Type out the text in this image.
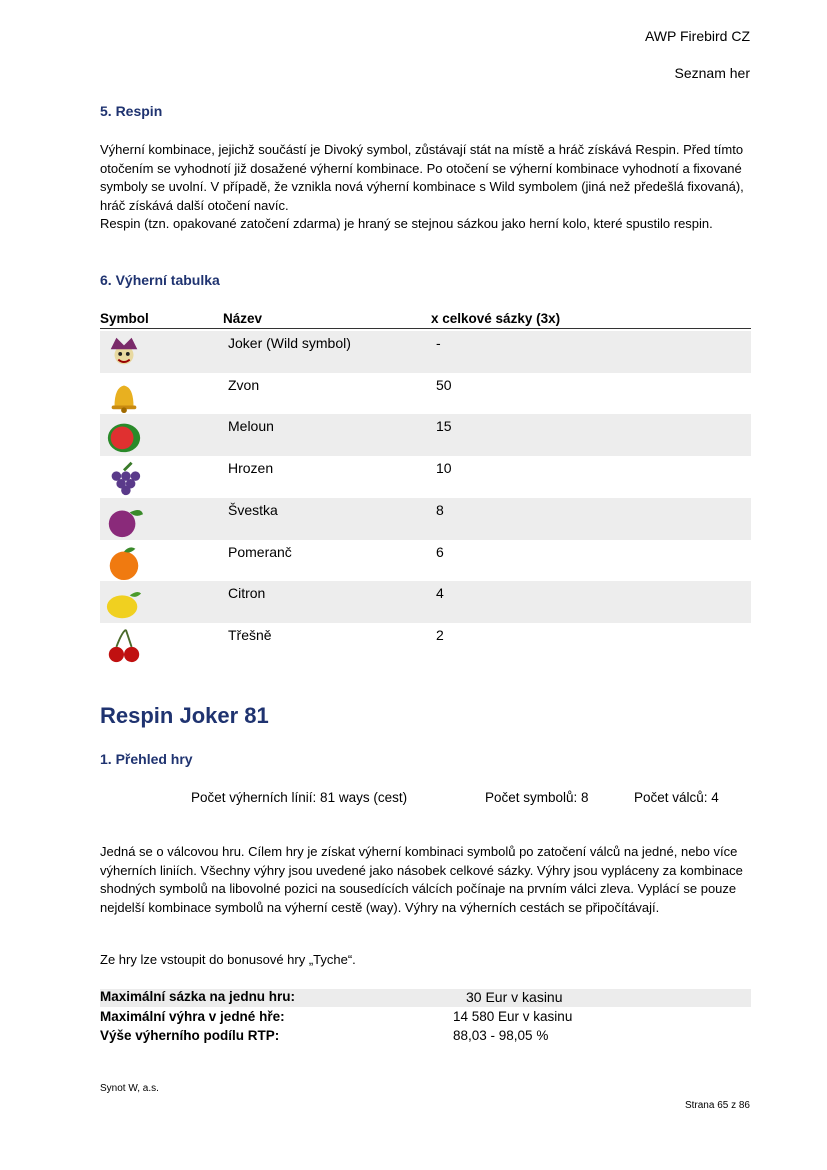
AWP Firebird CZ
Seznam her
5. Respin
Výherní kombinace, jejichž součástí je Divoký symbol, zůstávají stát na místě a hráč získává Respin. Před tímto otočením se vyhodnotí již dosažené výherní kombinace. Po otočení se výherní kombinace vyhodnotí a fixované symboly se uvolní. V případě, že vznikla nová výherní kombinace s Wild symbolem (jiná než předešlá fixovaná), hráč získává další otočení navíc.
Respin (tzn. opakované zatočení zdarma) je hraný se stejnou sázkou jako herní kolo, které spustilo respin.
6. Výherní tabulka
Symbol	Název	x celkové sázky (3x)
Joker (Wild symbol)	-
Zvon	50
Meloun	15
Hrozen	10
Švestka	8
Pomeranč	6
Citron	4
Třešně	2
Respin Joker 81
1. Přehled hry
Počet výherních línií: 81 ways (cest)	Počet symbolů: 8	Počet válců: 4
Jedná se o válcovou hru. Cílem hry je získat výherní kombinaci symbolů po zatočení válců na jedné, nebo více výherních liniích. Všechny výhry jsou uvedené jako násobek celkové sázky. Výhry jsou vypláceny za kombinace shodných symbolů na libovolné pozici na sousedících válcích počínaje na prvním válci zleva. Vyplácí se pouze nejdelší kombinace symbolů na výherní cestě (way). Výhry na výherních cestách se připočítávají.
Ze hry lze vstoupit do bonusové hry „Tyche“.
Maximální sázka na jednu hru:	30 Eur v kasinu
Maximální výhra v jedné hře:	14 580 Eur v kasinu
Výše výherního podílu RTP:	88,03 - 98,05 %
Synot W, a.s.
Strana 65 z 86
